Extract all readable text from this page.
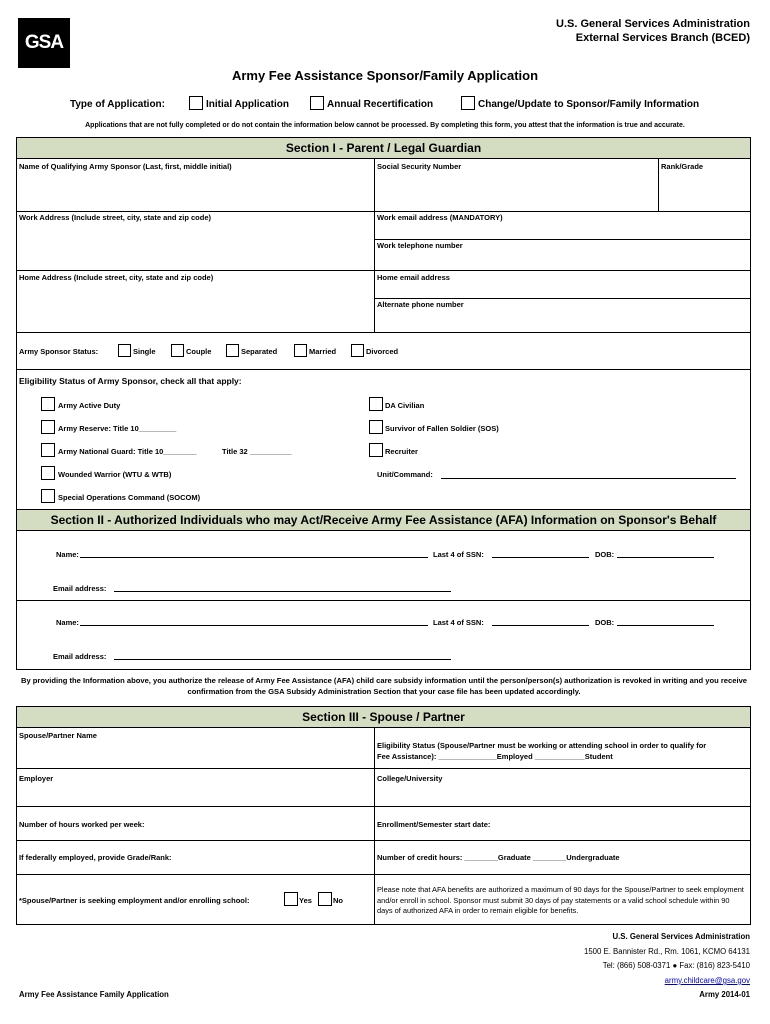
GSA
U.S. General Services Administration
External Services Branch (BCED)
Army Fee Assistance Sponsor/Family Application
Type of Application:	Initial Application	Annual Recertification	Change/Update to Sponsor/Family Information
Applications that are not fully completed or do not contain the information below cannot be processed. By completing this form, you attest that the information is true and accurate.
Section I - Parent / Legal Guardian
Name of Qualifying Army Sponsor (Last, first, middle initial)	Social Security Number	Rank/Grade
Work Address (Include street, city, state and zip code)	Work email address (MANDATORY)
Work telephone number
Home Address (Include street, city, state and zip code)	Home email address
Alternate phone number
Army Sponsor Status:	Single	Couple	Separated	Married	Divorced
Eligibility Status of Army Sponsor, check all that apply:
Army Active Duty
Army Reserve: Title 10_________
Army National Guard: Title 10________	Title 32 __________
Wounded Warrior (WTU & WTB)
Special Operations Command (SOCOM)
DA Civilian
Survivor of Fallen Soldier (SOS)
Recruiter
Unit/Command:
Section II - Authorized Individuals who may Act/Receive Army Fee Assistance (AFA) Information on Sponsor's Behalf
Name:	Last 4 of SSN:	DOB:
Email address:
Name:	Last 4 of SSN:	DOB:
Email address:
By providing the Information above, you authorize the release of Army Fee Assistance (AFA) child care subsidy information until the person/person(s) authorization is revoked in writing and you receive confirmation from the GSA Subsidy Administration Section that your case file has been updated accordingly.
Section III - Spouse / Partner
Spouse/Partner Name
Eligibility Status (Spouse/Partner must be working or attending school in order to qualify for
Fee Assistance): ______________Employed ____________Student
Employer	College/University
Number of hours worked per week:	Enrollment/Semester start date:
If federally employed, provide Grade/Rank:	Number of credit hours: ________Graduate ________Undergraduate
*Spouse/Partner is seeking employment and/or enrolling school:	Yes	No
Please note that AFA benefits are authorized a maximum of 90 days for the Spouse/Partner to seek employment and/or enroll in school. Sponsor must submit 30 days of pay statements or a valid school schedule within 90 days of authorized AFA in order to remain eligible for benefits.
U.S. General Services Administration
1500 E. Bannister Rd., Rm. 1061, KCMO 64131
Tel: (866) 508-0371 ● Fax: (816) 823-5410
army.childcare@gsa.gov
Army Fee Assistance Family Application	Army 2014-01
